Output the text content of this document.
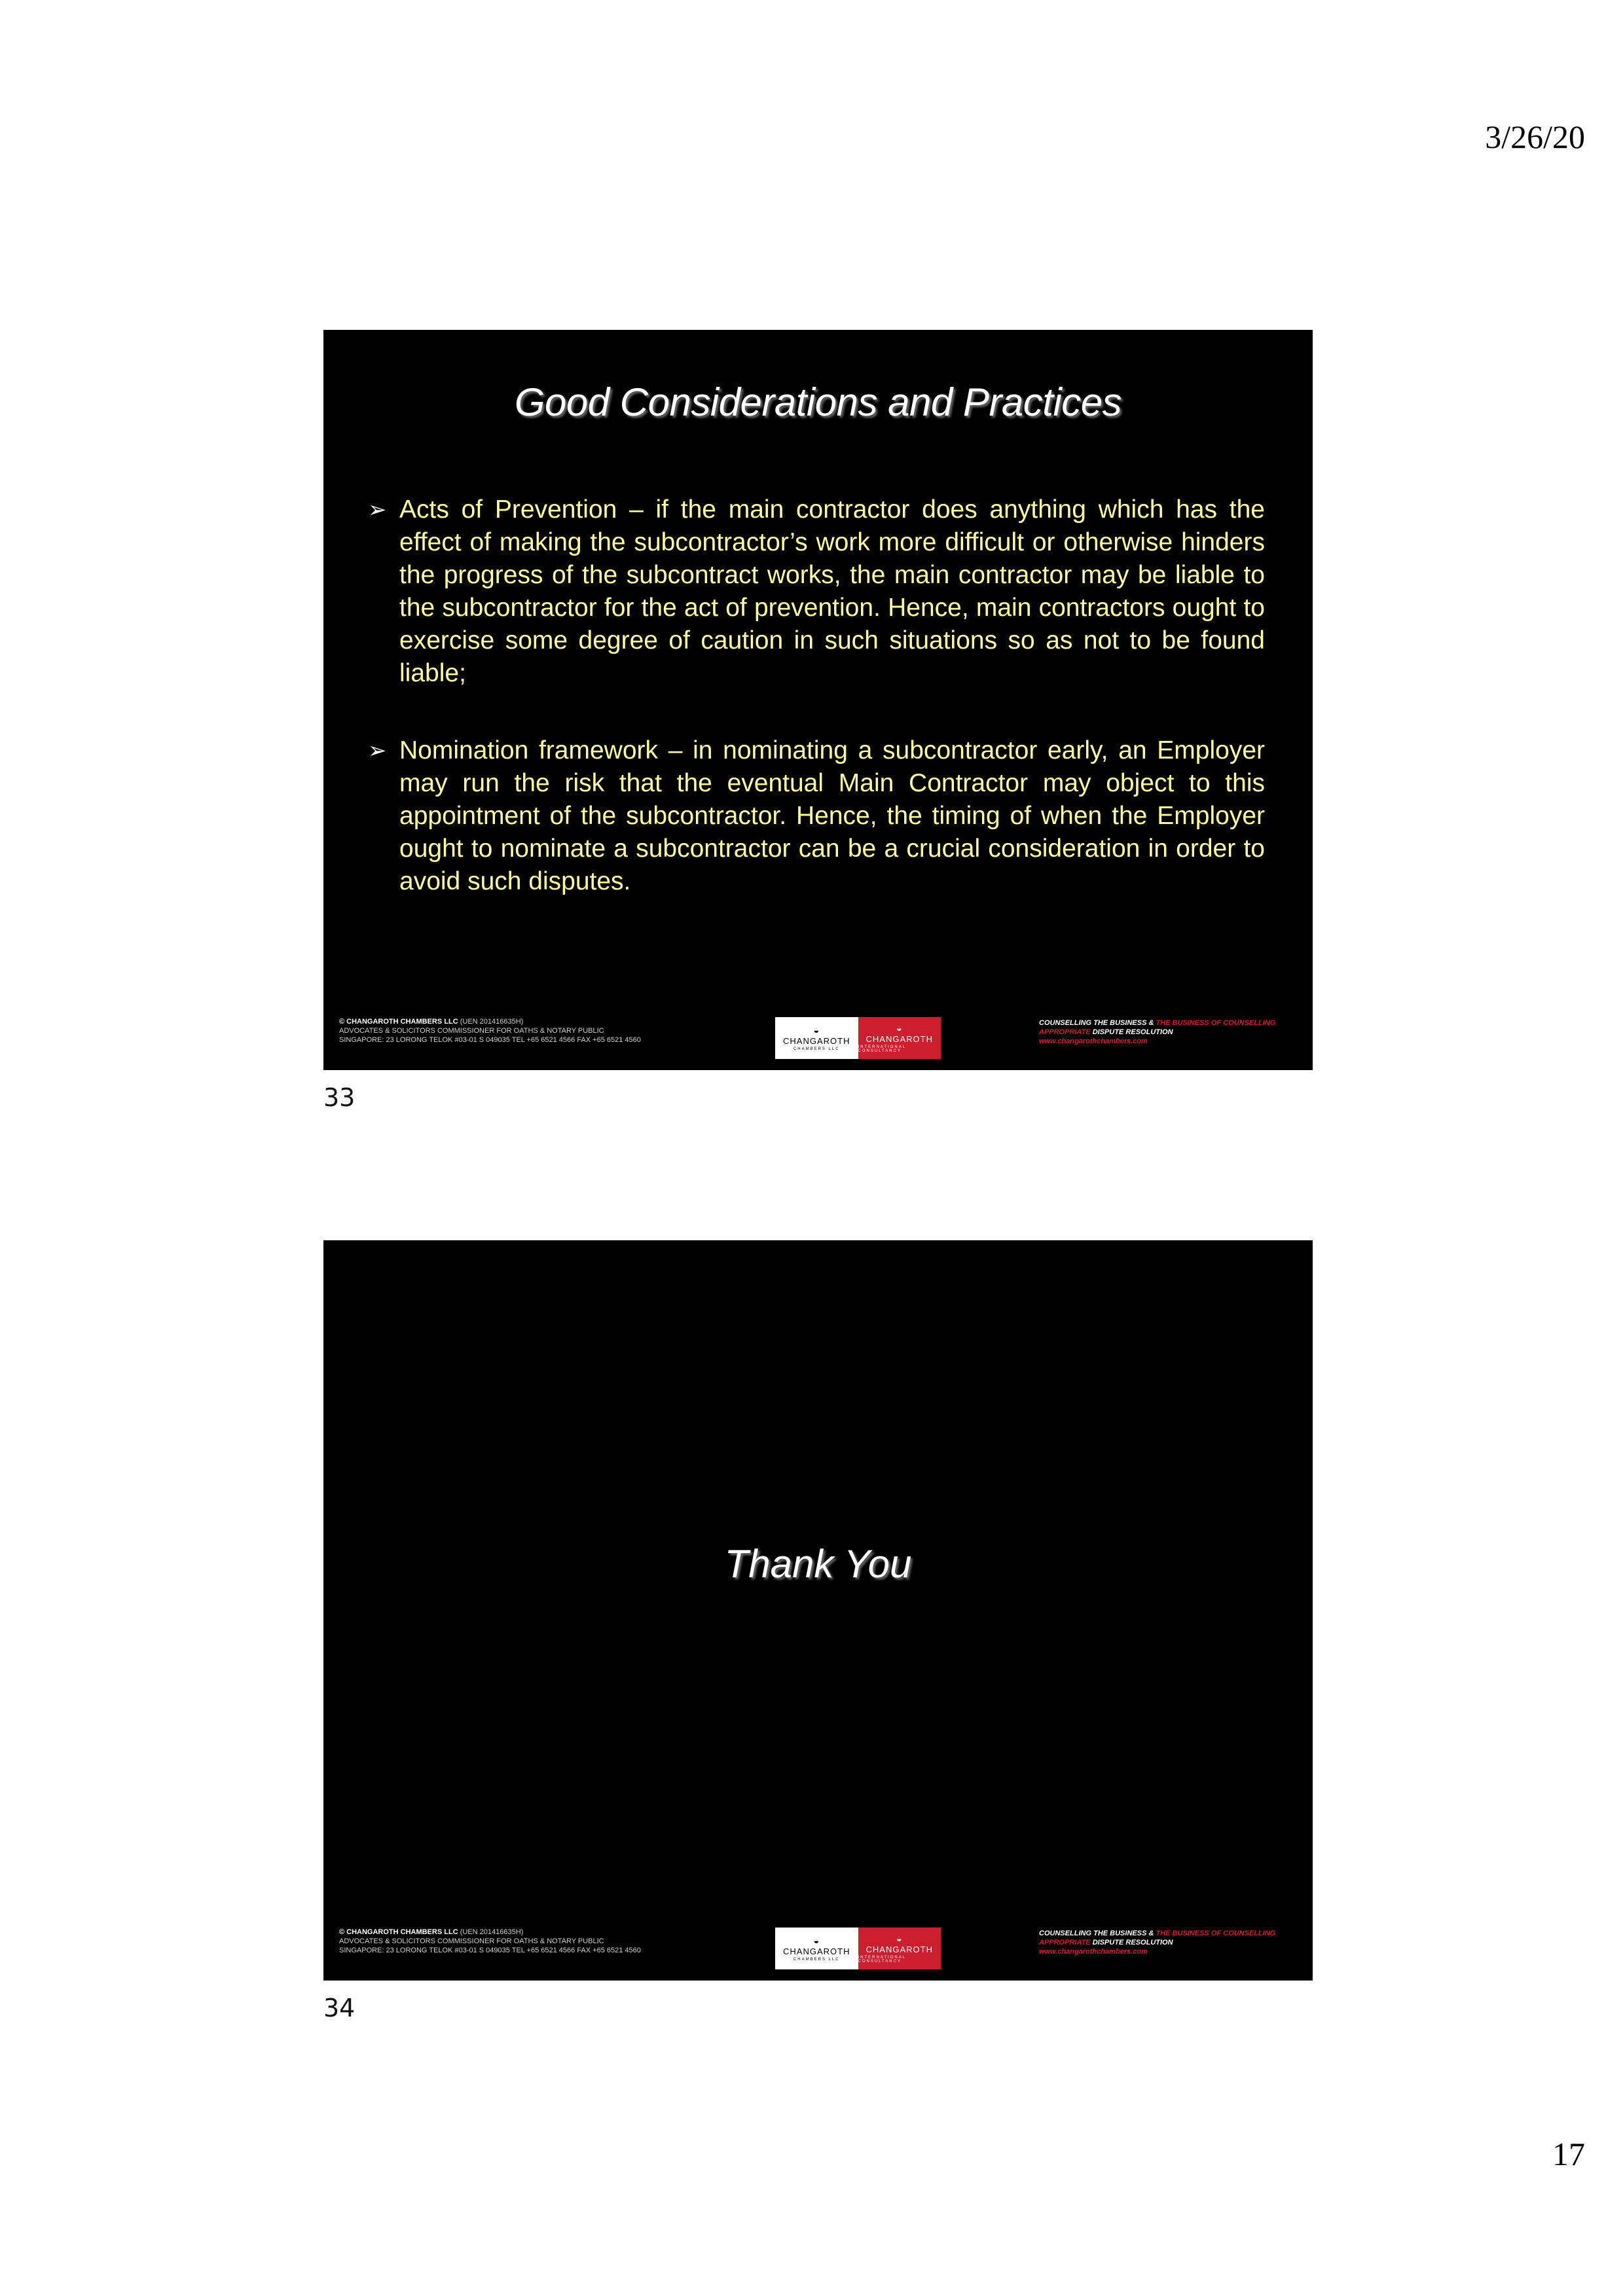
3/26/20
Good Considerations and Practices
➢ Acts of Prevention – if the main contractor does anything which has the effect of making the subcontractor’s work more difficult or otherwise hinders the progress of the subcontract works, the main contractor may be liable to the subcontractor for the act of prevention. Hence, main contractors ought to exercise some degree of caution in such situations so as not to be found liable;
➢ Nomination framework – in nominating a subcontractor early, an Employer may run the risk that the eventual Main Contractor may object to this appointment of the subcontractor. Hence, the timing of when the Employer ought to nominate a subcontractor can be a crucial consideration in order to avoid such disputes.
© CHANGAROTH CHAMBERS LLC (UEN 201416635H)
ADVOCATES & SOLICITORS COMMISSIONER FOR OATHS & NOTARY PUBLIC
SINGAPORE: 23 LORONG TELOK #03-01 S 049035 TEL +65 6521 4566 FAX +65 6521 4560
◒
CHANGAROTH
CHAMBERS LLC
◒
CHANGAROTH
INTERNATIONAL CONSULTANCY
COUNSELLING THE BUSINESS & THE BUSINESS OF COUNSELLING
APPROPRIATE DISPUTE RESOLUTION
www.changarothchambers.com
33
Thank You
© CHANGAROTH CHAMBERS LLC (UEN 201416635H)
ADVOCATES & SOLICITORS COMMISSIONER FOR OATHS & NOTARY PUBLIC
SINGAPORE: 23 LORONG TELOK #03-01 S 049035 TEL +65 6521 4566 FAX +65 6521 4560
◒
CHANGAROTH
CHAMBERS LLC
◒
CHANGAROTH
INTERNATIONAL CONSULTANCY
COUNSELLING THE BUSINESS & THE BUSINESS OF COUNSELLING
APPROPRIATE DISPUTE RESOLUTION
www.changarothchambers.com
34
17
